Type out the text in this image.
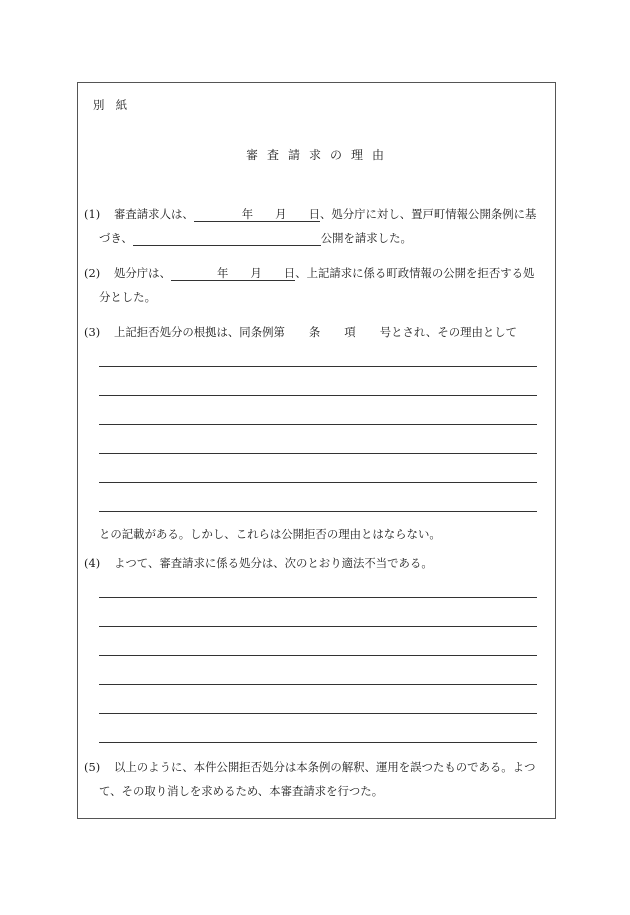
別　紙
審査請求の理由
(1) 審査請求人は、	年 月 日、処分庁に対し、置戸町情報公開条例に基
づき、	公開を請求した。
(2) 処分庁は、	年 月 日、上記請求に係る町政情報の公開を拒否する処
分とした。
(3) 上記拒否処分の根拠は、同条例第 条 項 号とされ、その理由として
との記載がある。しかし、これらは公開拒否の理由とはならない。
(4) よつて、審査請求に係る処分は、次のとおり適法不当である。
(5) 以上のように、本件公開拒否処分は本条例の解釈、運用を誤つたものである。よつ
て、その取り消しを求めるため、本審査請求を行つた。
